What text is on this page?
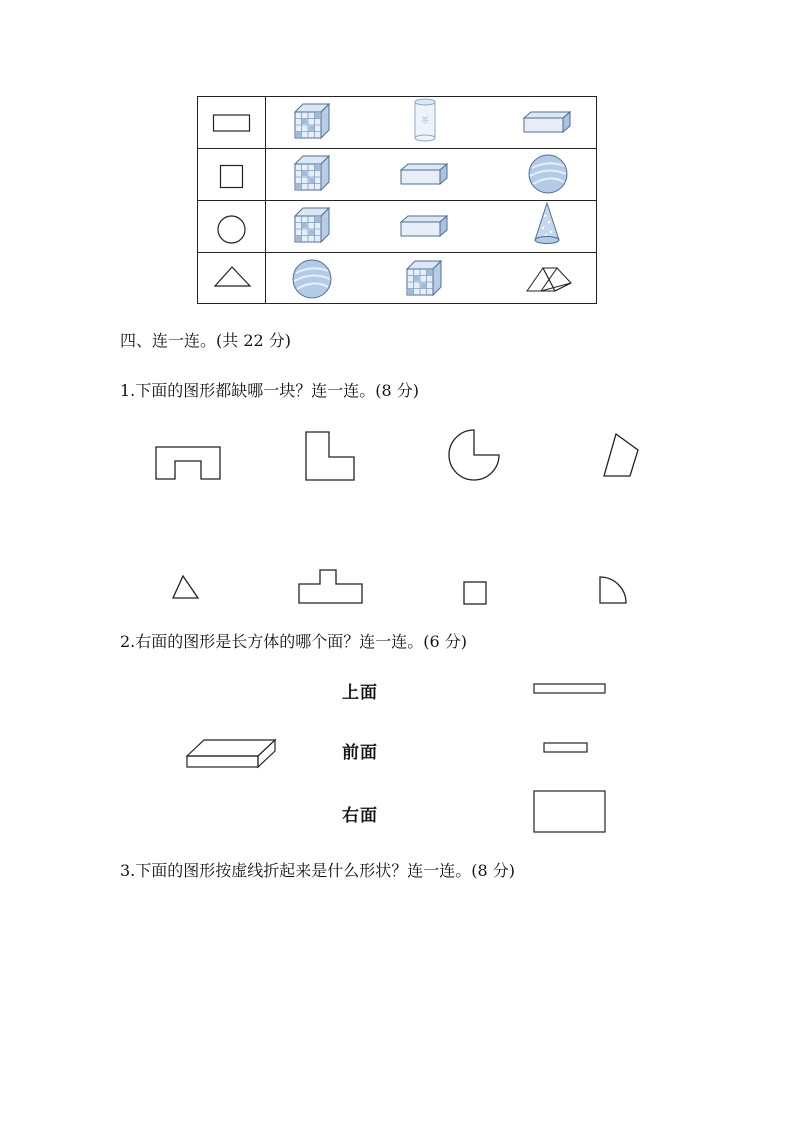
茶
四、连一连。(共 22 分)
1.下面的图形都缺哪一块？连一连。(8 分)
2.右面的图形是长方体的哪个面？连一连。(6 分)
上面
前面
右面
3.下面的图形按虚线折起来是什么形状？连一连。(8 分)
